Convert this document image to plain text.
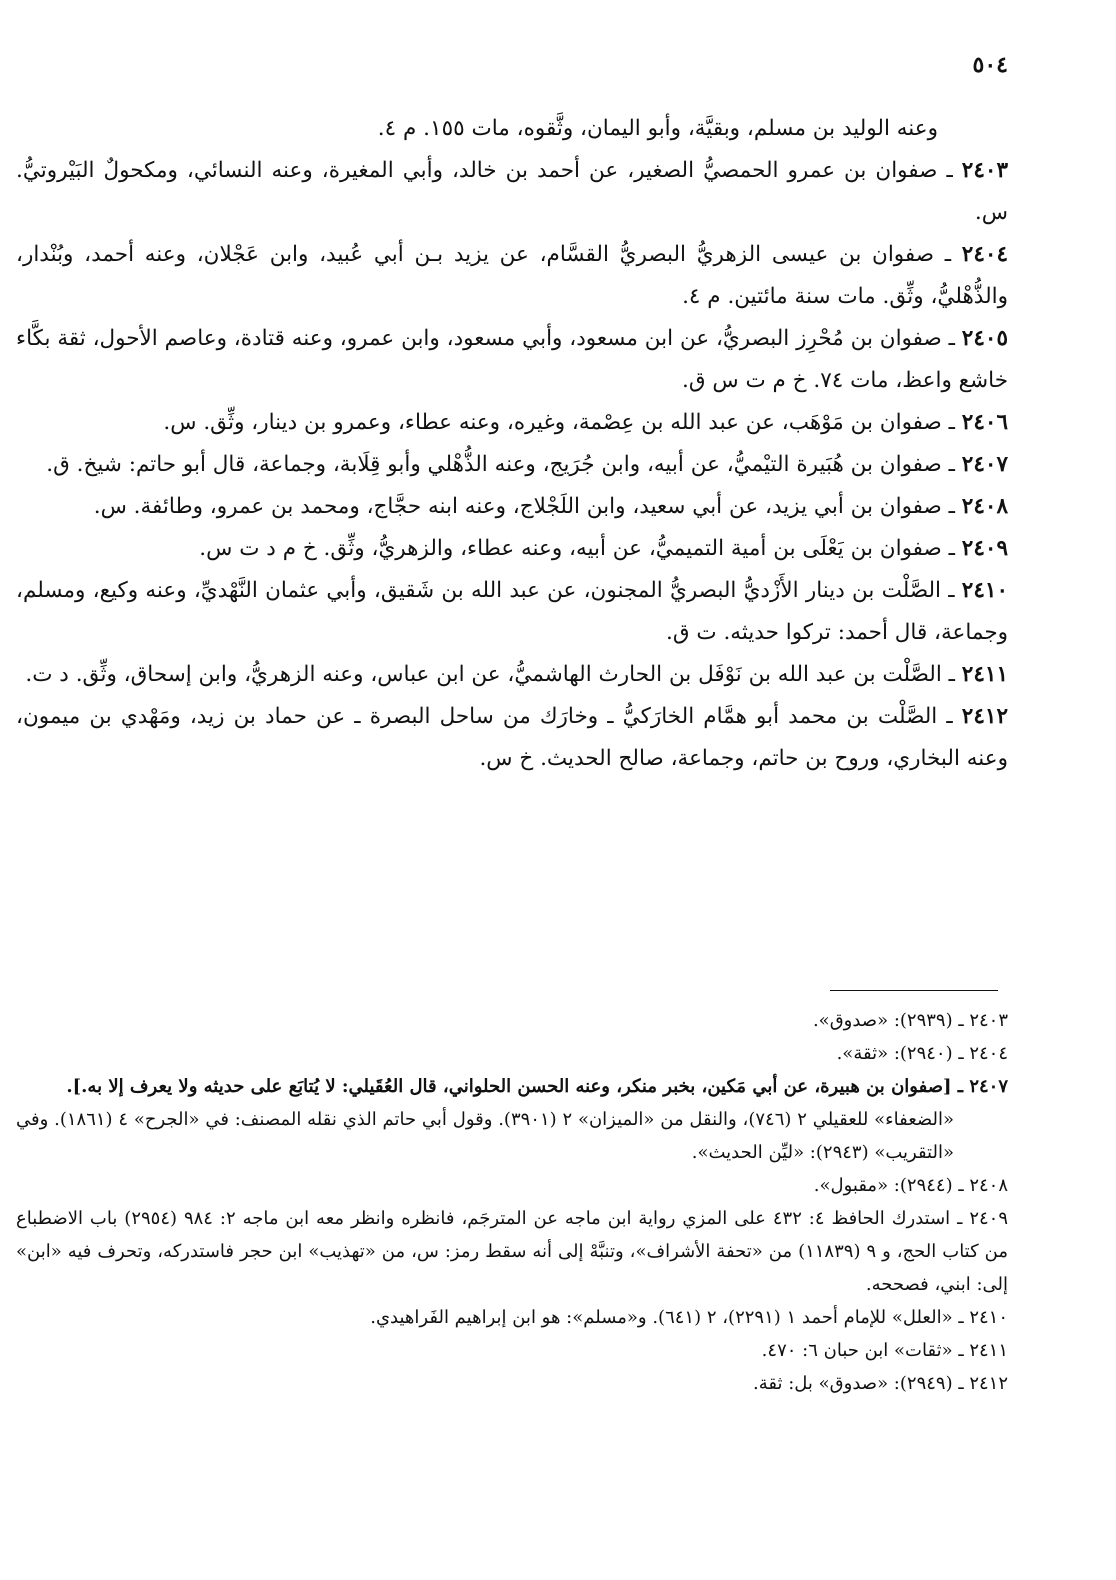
٥٠٤

وعنه الوليد بن مسلم، وبقيَّة، وأبو اليمان، وثَّقوه، مات ١٥٥. م ٤.

٢٤٠٣ ـ صفوان بن عمرو الحمصيُّ الصغير، عن أحمد بن خالد، وأبي المغيرة، وعنه النسائي، ومكحولٌ البَيْروتيُّ. س.

٢٤٠٤ ـ صفوان بن عيسى الزهريُّ البصريُّ القسَّام، عن يزيد بـن أبي عُبيد، وابن عَجْلان، وعنه أحمد، وبُنْدار، والذُّهْليُّ، وثِّق. مات سنة مائتين. م ٤.

٢٤٠٥ ـ صفوان بن مُحْرِز البصريُّ، عن ابن مسعود، وأبي مسعود، وابن عمرو، وعنه قتادة، وعاصم الأحول، ثقة بكَّاء خاشع واعظ، مات ٧٤. خ م ت س ق.

٢٤٠٦ ـ صفوان بن مَوْهَب، عن عبد الله بن عِصْمة، وغيره، وعنه عطاء، وعمرو بن دينار، وثِّق. س.

٢٤٠٧ ـ صفوان بن هُبَيرة التيْميُّ، عن أبيه، وابن جُرَيج، وعنه الذُّهْلي وأبو قِلَابة، وجماعة، قال أبو حاتم: شيخ. ق.

٢٤٠٨ ـ صفوان بن أبي يزيد، عن أبي سعيد، وابن اللَجْلاج، وعنه ابنه حجَّاج، ومحمد بن عمرو، وطائفة. س.

٢٤٠٩ ـ صفوان بن يَعْلَى بن أمية التميميُّ، عن أبيه، وعنه عطاء، والزهريُّ، وثِّق. خ م د ت س.

٢٤١٠ ـ الصَّلْت بن دينار الأَزْديُّ البصريُّ المجنون، عن عبد الله بن شَقيق، وأبي عثمان النَّهْديِّ، وعنه وكيع، ومسلم، وجماعة، قال أحمد: تركوا حديثه. ت ق.

٢٤١١ ـ الصَّلْت بن عبد الله بن نَوْفَل بن الحارث الهاشميُّ، عن ابن عباس، وعنه الزهريُّ، وابن إسحاق، وثِّق. د ت.

٢٤١٢ ـ الصَّلْت بن محمد أبو همَّام الخارَكيُّ ـ وخارَك من ساحل البصرة ـ عن حماد بن زيد، ومَهْدي بن ميمون، وعنه البخاري، وروح بن حاتم، وجماعة، صالح الحديث. خ س.

٢٤٠٣ ـ (٢٩٣٩): «صدوق».

٢٤٠٤ ـ (٢٩٤٠): «ثقة».

٢٤٠٧ ـ [صفوان بن هبيرة، عن أبي مَكين، بخبر منكر، وعنه الحسن الحلواني، قال العُقَيلي: لا يُتابَع على حديثه ولا يعرف إلا به.].

«الضعفاء» للعقيلي ٢ (٧٤٦)، والنقل من «الميزان» ٢ (٣٩٠١). وقول أبي حاتم الذي نقله المصنف: في «الجرح» ٤ (١٨٦١). وفي «التقريب» (٢٩٤٣): «ليِّن الحديث».

٢٤٠٨ ـ (٢٩٤٤): «مقبول».

٢٤٠٩ ـ استدرك الحافظ ٤: ٤٣٢ على المزي رواية ابن ماجه عن المترجَم، فانظره وانظر معه ابن ماجه ٢: ٩٨٤ (٢٩٥٤) باب الاضطباع من كتاب الحج، و ٩ (١١٨٣٩) من «تحفة الأشراف»، وتنبَّهْ إلى أنه سقط رمز: س، من «تهذيب» ابن حجر فاستدركه، وتحرف فيه «ابن» إلى: ابني، فصححه.

٢٤١٠ ـ «العلل» للإمام أحمد ١ (٢٢٩١)، ٢ (٦٤١). و«مسلم»: هو ابن إبراهيم الفَراهيدي.

٢٤١١ ـ «ثقات» ابن حبان ٦: ٤٧٠.

٢٤١٢ ـ (٢٩٤٩): «صدوق» بل: ثقة.
